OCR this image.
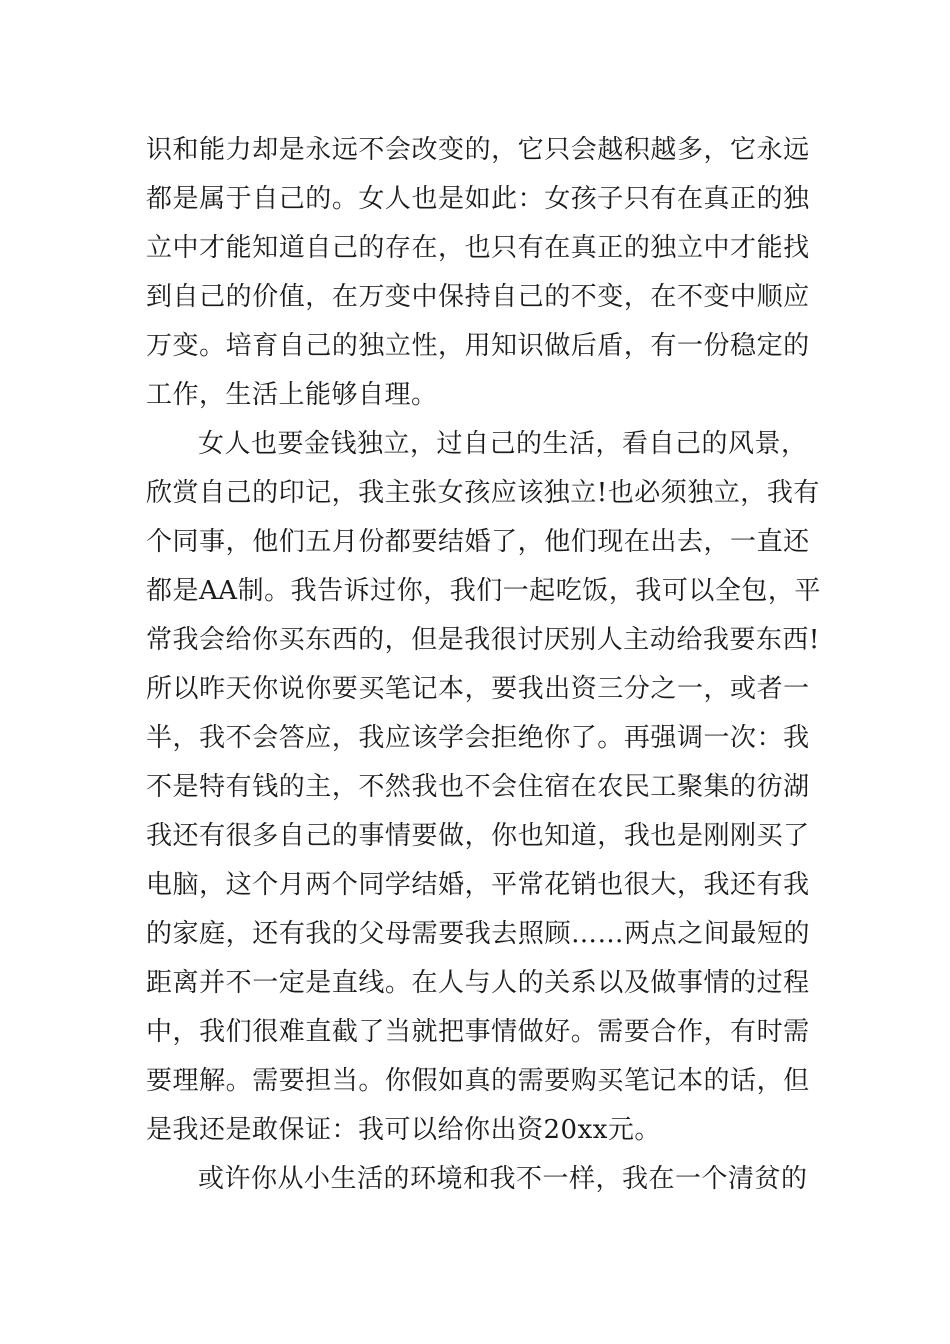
识 和 能 力 却 是 永 远 不 会 改 变 的 ， 它 只 会 越 积 越 多 ， 它 永 远
都 是 属 于 自 己 的 。 女 人 也 是 如 此 ： 女 孩 子 只 有 在 真 正 的 独
立 中 才 能 知 道 自 己 的 存 在 ， 也 只 有 在 真 正 的 独 立 中 才 能 找
到 自 己 的 价 值 ， 在 万 变 中 保 持 自 己 的 不 变 ， 在 不 变 中 顺 应
万 变 。 培 育 自 己 的 独 立 性 ， 用 知 识 做 后 盾 ， 有 一 份 稳 定 的
工作，生活上能够自理。
女人也要金钱独立，过自己的生活，看自己的风景，
欣 赏 自 己 的 印 记 ， 我 主 张 女 孩 应 该 独 立 ! 也 必 须 独 立 ， 我 有
个 同 事 ， 他 们 五 月 份 都 要 结 婚 了 ， 他 们 现 在 出 去 ， 一 直 还
都 是 AA 制 。 我 告 诉 过 你 ， 我 们 一 起 吃 饭 ， 我 可 以 全 包 ， 平
常 我 会 给 你 买 东 西 的 ， 但 是 我 很 讨 厌 别 人 主 动 给 我 要 东 西 !
所 以 昨 天 你 说 你 要 买 笔 记 本 ， 要 我 出 资 三 分 之 一 ， 或 者 一
半 ， 我 不 会 答 应 ， 我 应 该 学 会 拒 绝 你 了 。 再 强 调 一 次 ： 我
不 是 特 有 钱 的 主 ， 不 然 我 也 不 会 住 宿 在 农 民 工 聚 集 的 彷 湖
我 还 有 很 多 自 己 的 事 情 要 做 ， 你 也 知 道 ， 我 也 是 刚 刚 买 了
电 脑 ， 这 个 月 两 个 同 学 结 婚 ， 平 常 花 销 也 很 大 ， 我 还 有 我
的 家 庭 ， 还 有 我 的 父 母 需 要 我 去 照 顾 … … 两 点 之 间 最 短 的
距 离 并 不 一 定 是 直 线 。 在 人 与 人 的 关 系 以 及 做 事 情 的 过 程
中 ， 我 们 很 难 直 截 了 当 就 把 事 情 做 好 。 需 要 合 作 ， 有 时 需
要 理 解 。 需 要 担 当 。 你 假 如 真 的 需 要 购 买 笔 记 本 的 话 ， 但
是我还是敢保证：我可以给你出资20xx元。
或许你从小生活的环境和我不一样，我在一个清贫的
